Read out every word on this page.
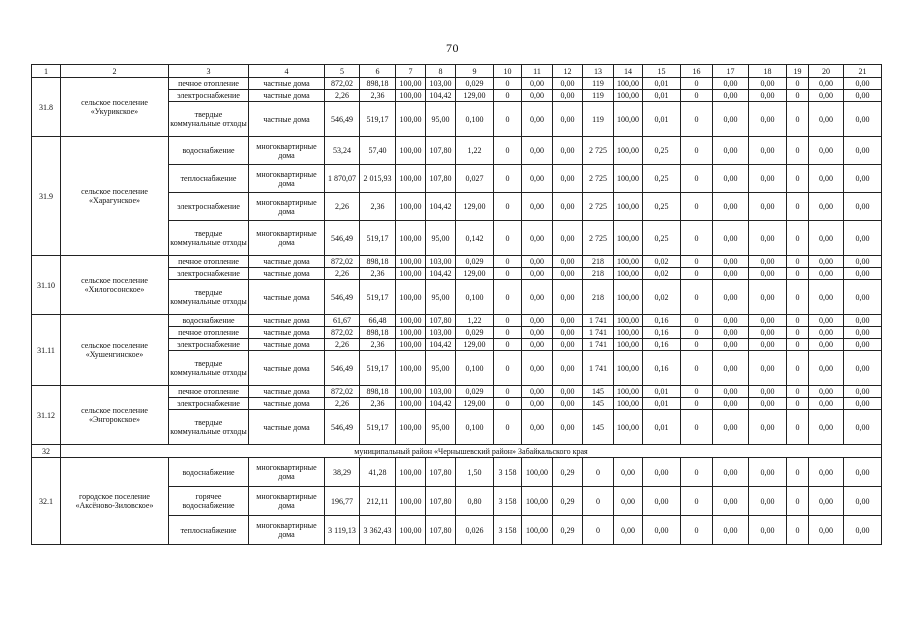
70
1	2	3	4	5	6	7	8	9	10	11	12	13	14	15	16	17	18	19	20	21
31.8	сельское поселение «Укурикское»	печное отопление	частные дома	872,02	898,18	100,00	103,00	0,029	0	0,00	0,00	119	100,00	0,01	0	0,00	0,00	0	0,00	0,00
		электроснабжение	частные дома	2,26	2,36	100,00	104,42	129,00	0	0,00	0,00	119	100,00	0,01	0	0,00	0,00	0	0,00	0,00
		твердые коммунальные отходы	частные дома	546,49	519,17	100,00	95,00	0,100	0	0,00	0,00	119	100,00	0,01	0	0,00	0,00	0	0,00	0,00
31.9	сельское поселение «Харагунское»	водоснабжение	многоквартирные дома	53,24	57,40	100,00	107,80	1,22	0	0,00	0,00	2 725	100,00	0,25	0	0,00	0,00	0	0,00	0,00
		теплоснабжение	многоквартирные дома	1 870,07	2 015,93	100,00	107,80	0,027	0	0,00	0,00	2 725	100,00	0,25	0	0,00	0,00	0	0,00	0,00
		электроснабжение	многоквартирные дома	2,26	2,36	100,00	104,42	129,00	0	0,00	0,00	2 725	100,00	0,25	0	0,00	0,00	0	0,00	0,00
		твердые коммунальные отходы	многоквартирные дома	546,49	519,17	100,00	95,00	0,142	0	0,00	0,00	2 725	100,00	0,25	0	0,00	0,00	0	0,00	0,00
31.10	сельское поселение «Хилогосонское»	печное отопление	частные дома	872,02	898,18	100,00	103,00	0,029	0	0,00	0,00	218	100,00	0,02	0	0,00	0,00	0	0,00	0,00
		электроснабжение	частные дома	2,26	2,36	100,00	104,42	129,00	0	0,00	0,00	218	100,00	0,02	0	0,00	0,00	0	0,00	0,00
		твердые коммунальные отходы	частные дома	546,49	519,17	100,00	95,00	0,100	0	0,00	0,00	218	100,00	0,02	0	0,00	0,00	0	0,00	0,00
31.11	сельское поселение «Хушенгинское»	водоснабжение	частные дома	61,67	66,48	100,00	107,80	1,22	0	0,00	0,00	1 741	100,00	0,16	0	0,00	0,00	0	0,00	0,00
		печное отопление	частные дома	872,02	898,18	100,00	103,00	0,029	0	0,00	0,00	1 741	100,00	0,16	0	0,00	0,00	0	0,00	0,00
		электроснабжение	частные дома	2,26	2,36	100,00	104,42	129,00	0	0,00	0,00	1 741	100,00	0,16	0	0,00	0,00	0	0,00	0,00
		твердые коммунальные отходы	частные дома	546,49	519,17	100,00	95,00	0,100	0	0,00	0,00	1 741	100,00	0,16	0	0,00	0,00	0	0,00	0,00
31.12	сельское поселение «Энгорокское»	печное отопление	частные дома	872,02	898,18	100,00	103,00	0,029	0	0,00	0,00	145	100,00	0,01	0	0,00	0,00	0	0,00	0,00
		электроснабжение	частные дома	2,26	2,36	100,00	104,42	129,00	0	0,00	0,00	145	100,00	0,01	0	0,00	0,00	0	0,00	0,00
		твердые коммунальные отходы	частные дома	546,49	519,17	100,00	95,00	0,100	0	0,00	0,00	145	100,00	0,01	0	0,00	0,00	0	0,00	0,00
32	муниципальный район «Чернышевский район» Забайкальского края																			
32.1	городское поселение «Аксёново-Зиловское»	водоснабжение	многоквартирные дома	38,29	41,28	100,00	107,80	1,50	3 158	100,00	0,29	0	0,00	0,00	0	0,00	0,00	0	0,00	0,00
		горячее водоснабжение	многоквартирные дома	196,77	212,11	100,00	107,80	0,80	3 158	100,00	0,29	0	0,00	0,00	0	0,00	0,00	0	0,00	0,00
		теплоснабжение	многоквартирные дома	3 119,13	3 362,43	100,00	107,80	0,026	3 158	100,00	0,29	0	0,00	0,00	0	0,00	0,00	0	0,00	0,00
